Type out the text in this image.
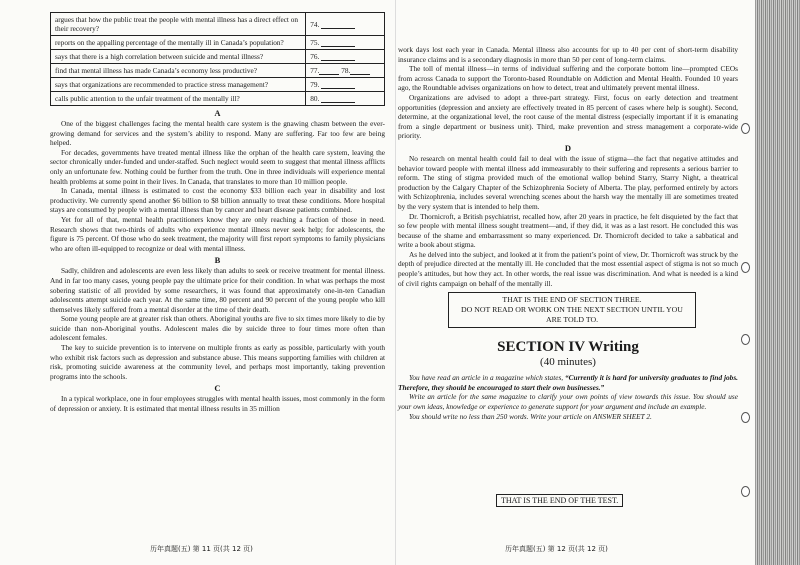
argues that how the public treat the people with mental illness has a direct effect on their recovery?	74.
reports on the appalling percentage of the mentally ill in Canada’s population?	75.
says that there is a high correlation between suicide and mental illness?	76.
find that mental illness has made Canada’s economy less productive?	77. 78.
says that organizations are recommended to practice stress management?	79.
calls public attention to the unfair treatment of the mentally ill?	80.
A

One of the biggest challenges facing the mental health care system is the gnawing chasm between the ever-growing demand for services and the system’s ability to respond. Many are suffering. Far too few are being helped.

For decades, governments have treated mental illness like the orphan of the health care system, leaving the sector chronically under-funded and under-staffed. Such neglect would seem to suggest that mental illness afflicts only an unfortunate few. Nothing could be further from the truth. One in three individuals will experience mental health problems at some point in their lives. In Canada, that translates to more than 10 million people.

In Canada, mental illness is estimated to cost the economy $33 billion each year in disability and lost productivity. We currently spend another $6 billion to $8 billion annually to treat these conditions. More hospital stays are consumed by people with a mental illness than by cancer and heart disease patients combined.

Yet for all of that, mental health practitioners know they are only reaching a fraction of those in need. Research shows that two-thirds of adults who experience mental illness never seek help; for adolescents, the figure is 75 percent. Of those who do seek treatment, the majority will first report symptoms to family physicians who are often ill-equipped to recognize or deal with mental illness.

B

Sadly, children and adolescents are even less likely than adults to seek or receive treatment for mental illness. And in far too many cases, young people pay the ultimate price for their condition. In what was perhaps the most sobering statistic of all provided by some researchers, it was found that approximately one-in-ten Canadian adolescents attempt suicide each year. At the same time, 80 percent and 90 percent of the young people who kill themselves likely suffered from a mental disorder at the time of their death.

Some young people are at greater risk than others. Aboriginal youths are five to six times more likely to die by suicide than non-Aboriginal youths. Adolescent males die by suicide three to four times more often than adolescent females.

The key to suicide prevention is to intervene on multiple fronts as early as possible, particularly with youth who exhibit risk factors such as depression and substance abuse. This means supporting families with children at risk, promoting suicide awareness at the community level, and perhaps most importantly, taking prevention programs into the schools.

C

In a typical workplace, one in four employees struggles with mental health issues, most commonly in the form of depression or anxiety. It is estimated that mental illness results in 35 million

work days lost each year in Canada. Mental illness also accounts for up to 40 per cent of short-term disability insurance claims and is a secondary diagnosis in more than 50 per cent of long-term claims.

The toll of mental illness—in terms of individual suffering and the corporate bottom line—prompted CEOs from across Canada to support the Toronto-based Roundtable on Addiction and Mental Health. Founded 10 years ago, the Roundtable advises organizations on how to detect, treat and ultimately prevent mental illness.

Organizations are advised to adopt a three-part strategy. First, focus on early detection and treatment opportunities (depression and anxiety are effectively treated in 85 percent of cases where help is sought). Second, determine, at the organizational level, the root cause of the mental distress (especially important if it is emanating from a single department or business unit). Third, make prevention and stress management a corporate-wide priority.

D

No research on mental health could fail to deal with the issue of stigma—the fact that negative attitudes and behavior toward people with mental illness add immeasurably to their suffering and represents a serious barrier to reform. The sting of stigma provided much of the emotional wallop behind Starry, Starry Night, a theatrical production by the Calgary Chapter of the Schizophrenia Society of Alberta. The play, performed entirely by actors with Schizophrenia, includes several wrenching scenes about the harsh way the mentally ill are sometimes treated by the very system that is intended to help them.

Dr. Thornicroft, a British psychiatrist, recalled how, after 20 years in practice, he felt disquieted by the fact that so few people with mental illness sought treatment—and, if they did, it was as a last resort. He concluded this was because of the shame and embarrassment so many experienced. Dr. Thornicroft decided to take a sabbatical and write a book about stigma.

As he delved into the subject, and looked at it from the patient’s point of view, Dr. Thornicroft was struck by the depth of prejudice directed at the mentally ill. He concluded that the most essential aspect of stigma is not so much people’s attitudes, but how they act. In other words, the real issue was discrimination. And what is needed is a kind of civil rights campaign on behalf of the mentally ill.

THAT IS THE END OF SECTION THREE.
DO NOT READ OR WORK ON THE NEXT SECTION UNTIL YOU ARE TOLD TO.
SECTION IV Writing
(40 minutes)

You have read an article in a magazine which states, “Currently it is hard for university graduates to find jobs. Therefore, they should be encouraged to start their own businesses.”

Write an article for the same magazine to clarify your own points of view towards this issue. You should use your own ideas, knowledge or experience to generate support for your argument and include an example.

You should write no less than 250 words. Write your article on ANSWER SHEET 2.

THAT IS THE END OF THE TEST.
历年真题(五) 第 11 页(共 12 页)	历年真题(五) 第 12 页(共 12 页)
